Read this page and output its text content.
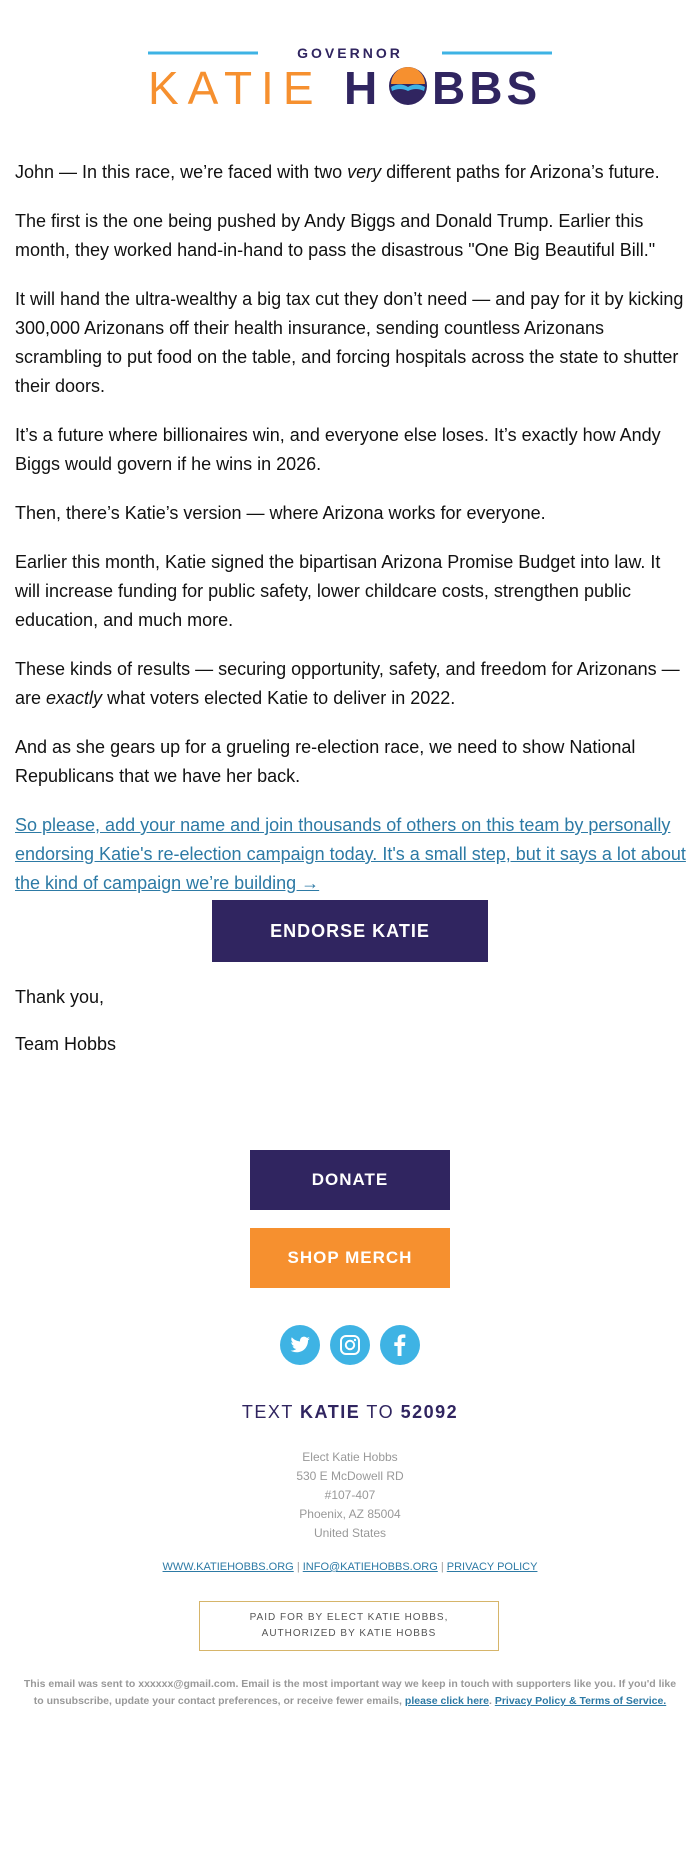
GOVERNOR
KATIE H BBS

John — In this race, we’re faced with two very different paths for Arizona’s future.

The first is the one being pushed by Andy Biggs and Donald Trump. Earlier this month, they worked hand-in-hand to pass the disastrous "One Big Beautiful Bill."

It will hand the ultra-wealthy a big tax cut they don’t need — and pay for it by kicking 300,000 Arizonans off their health insurance, sending countless Arizonans scrambling to put food on the table, and forcing hospitals across the state to shutter their doors.

It’s a future where billionaires win, and everyone else loses. It’s exactly how Andy Biggs would govern if he wins in 2026.

Then, there’s Katie’s version — where Arizona works for everyone.

Earlier this month, Katie signed the bipartisan Arizona Promise Budget into law. It will increase funding for public safety, lower childcare costs, strengthen public education, and much more.

These kinds of results — securing opportunity, safety, and freedom for Arizonans — are exactly what voters elected Katie to deliver in 2022.

And as she gears up for a grueling re-election race, we need to show National Republicans that we have her back.

So please, add your name and join thousands of others on this team by personally endorsing Katie's re-election campaign today. It's a small step, but it says a lot about the kind of campaign we’re building →

ENDORSE KATIE

Thank you,

Team Hobbs

DONATE
SHOP MERCH
TEXT KATIE TO 52092
Elect Katie Hobbs
530 E McDowell RD
#107-407
Phoenix, AZ 85004
United States
WWW.KATIEHOBBS.ORG | INFO@KATIEHOBBS.ORG | PRIVACY POLICY
PAID FOR BY ELECT KATIE HOBBS,
AUTHORIZED BY KATIE HOBBS
This email was sent to xxxxxx@gmail.com. Email is the most important way we keep in touch with supporters like you. If you'd like to unsubscribe, update your contact preferences, or receive fewer emails, please click here. Privacy Policy & Terms of Service.
